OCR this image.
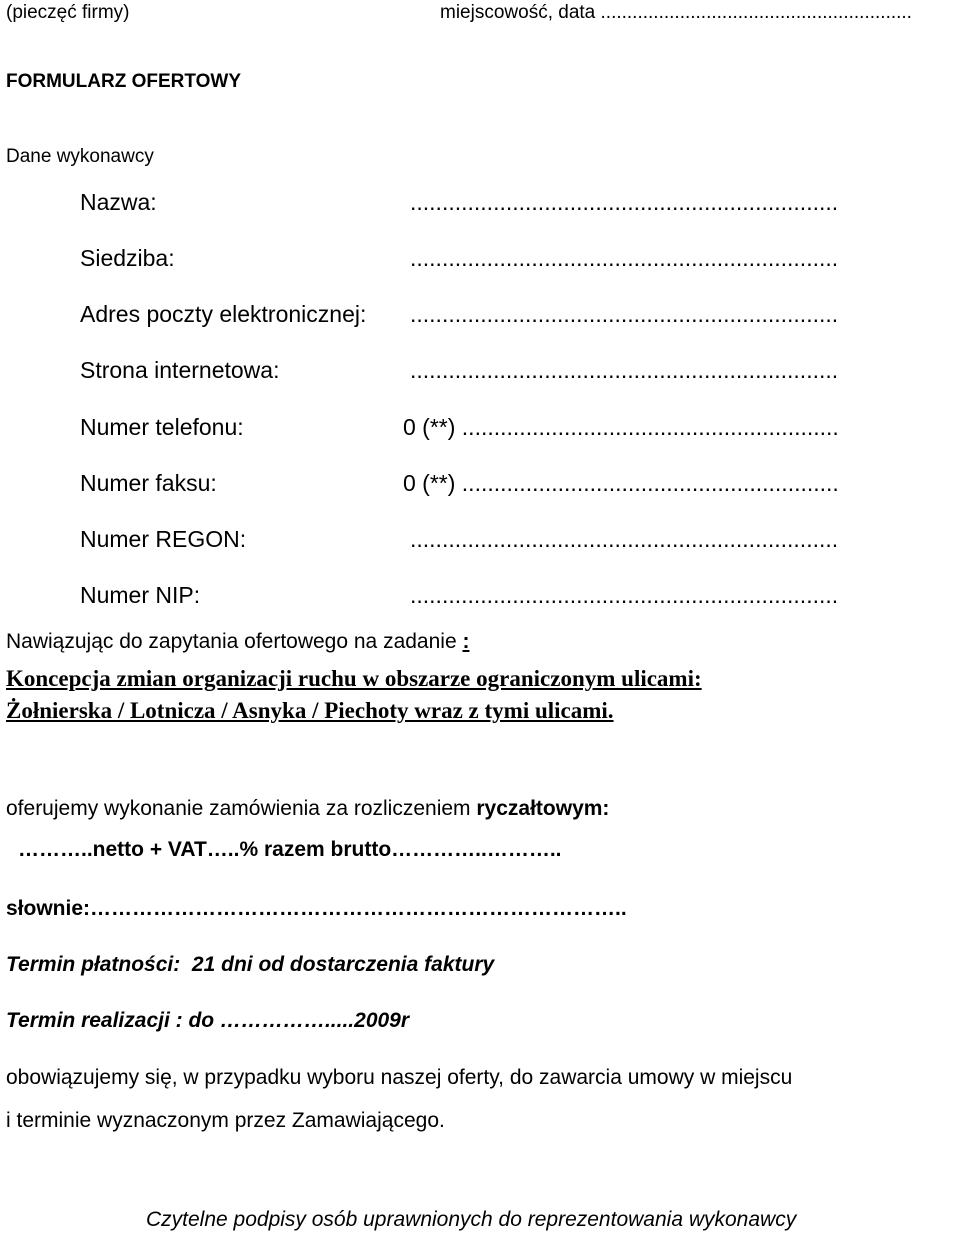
(pieczęć firmy)	miejscowość, data ...........................................................
FORMULARZ OFERTOWY
Dane wykonawcy
Nazwa:	...................................................................
Siedziba:	...................................................................
Adres poczty elektronicznej: ...................................................................
Strona internetowa:	...................................................................
Numer telefonu:	0 (**) ...........................................................
Numer faksu:	0 (**) ...........................................................
Numer REGON:	...................................................................
Numer NIP:	...................................................................
Nawiązując do zapytania ofertowego na zadanie :
Koncepcja zmian organizacji ruchu w obszarze ograniczonym ulicami:
Żołnierska / Lotnicza / Asnyka / Piechoty wraz z tymi ulicami.
oferujemy wykonanie zamówienia za rozliczeniem ryczałtowym:
………..netto + VAT…..% razem brutto…………..………..
słownie:…………………………………………………………………..
Termin płatności: 21 dni od dostarczenia faktury
Termin realizacji : do …………….....2009r
obowiązujemy się, w przypadku wyboru naszej oferty, do zawarcia umowy w miejscu
i terminie wyznaczonym przez Zamawiającego.
Czytelne podpisy osób uprawnionych do reprezentowania wykonawcy
